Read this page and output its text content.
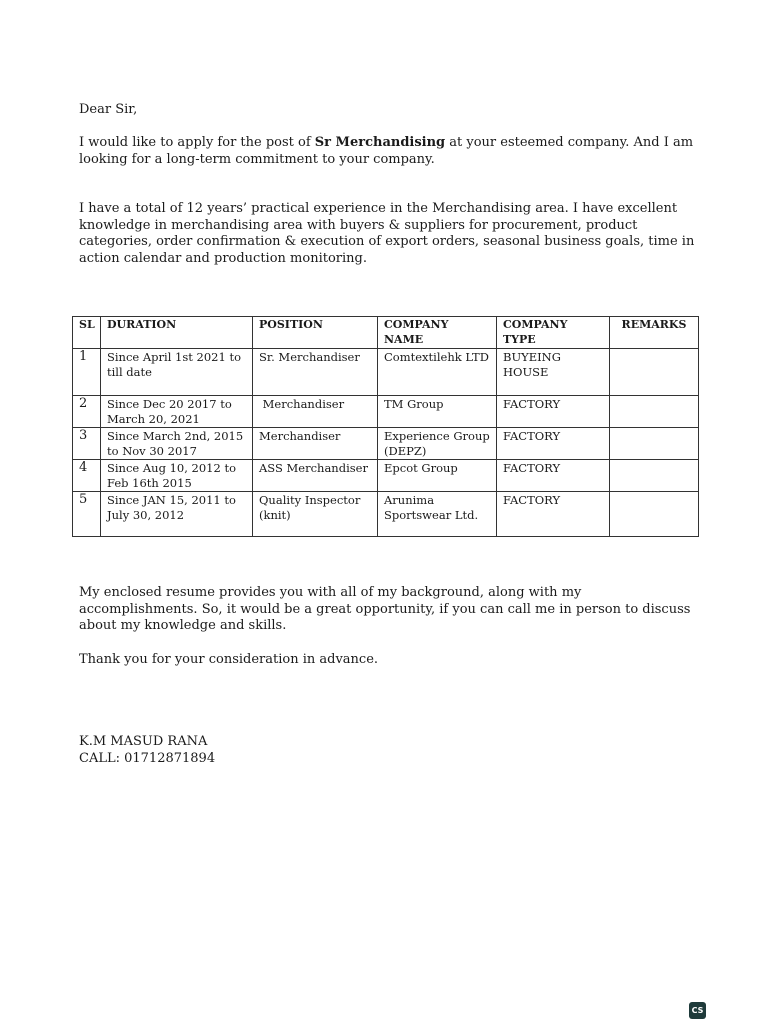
Dear Sir,

I would like to apply for the post of Sr Merchandising at your esteemed company. And I am looking for a long-term commitment to your company.

I have a total of 12 years’ practical experience in the Merchandising area. I have excellent knowledge in merchandising area with buyers & suppliers for procurement, product categories, order confirmation & execution of export orders, seasonal business goals, time in action calendar and production monitoring.

SL	DURATION	POSITION	COMPANY NAME	COMPANY TYPE	REMARKS
1	Since April 1st 2021 to till date	Sr. Merchandiser	Comtextilehk LTD	BUYEING HOUSE	
2	Since Dec 20 2017 to March 20, 2021	Merchandiser	TM Group	FACTORY	
3	Since March 2nd, 2015 to Nov 30 2017	Merchandiser	Experience Group (DEPZ)	FACTORY	
4	Since Aug 10, 2012 to Feb 16th 2015	ASS Merchandiser	Epcot Group	FACTORY	
5	Since JAN 15, 2011 to July 30, 2012	Quality Inspector (knit)	Arunima Sportswear Ltd.	FACTORY	

My enclosed resume provides you with all of my background, along with my accomplishments. So, it would be a great opportunity, if you can call me in person to discuss about my knowledge and skills.

Thank you for your consideration in advance.

K.M MASUD RANA
CALL: 01712871894

CS
